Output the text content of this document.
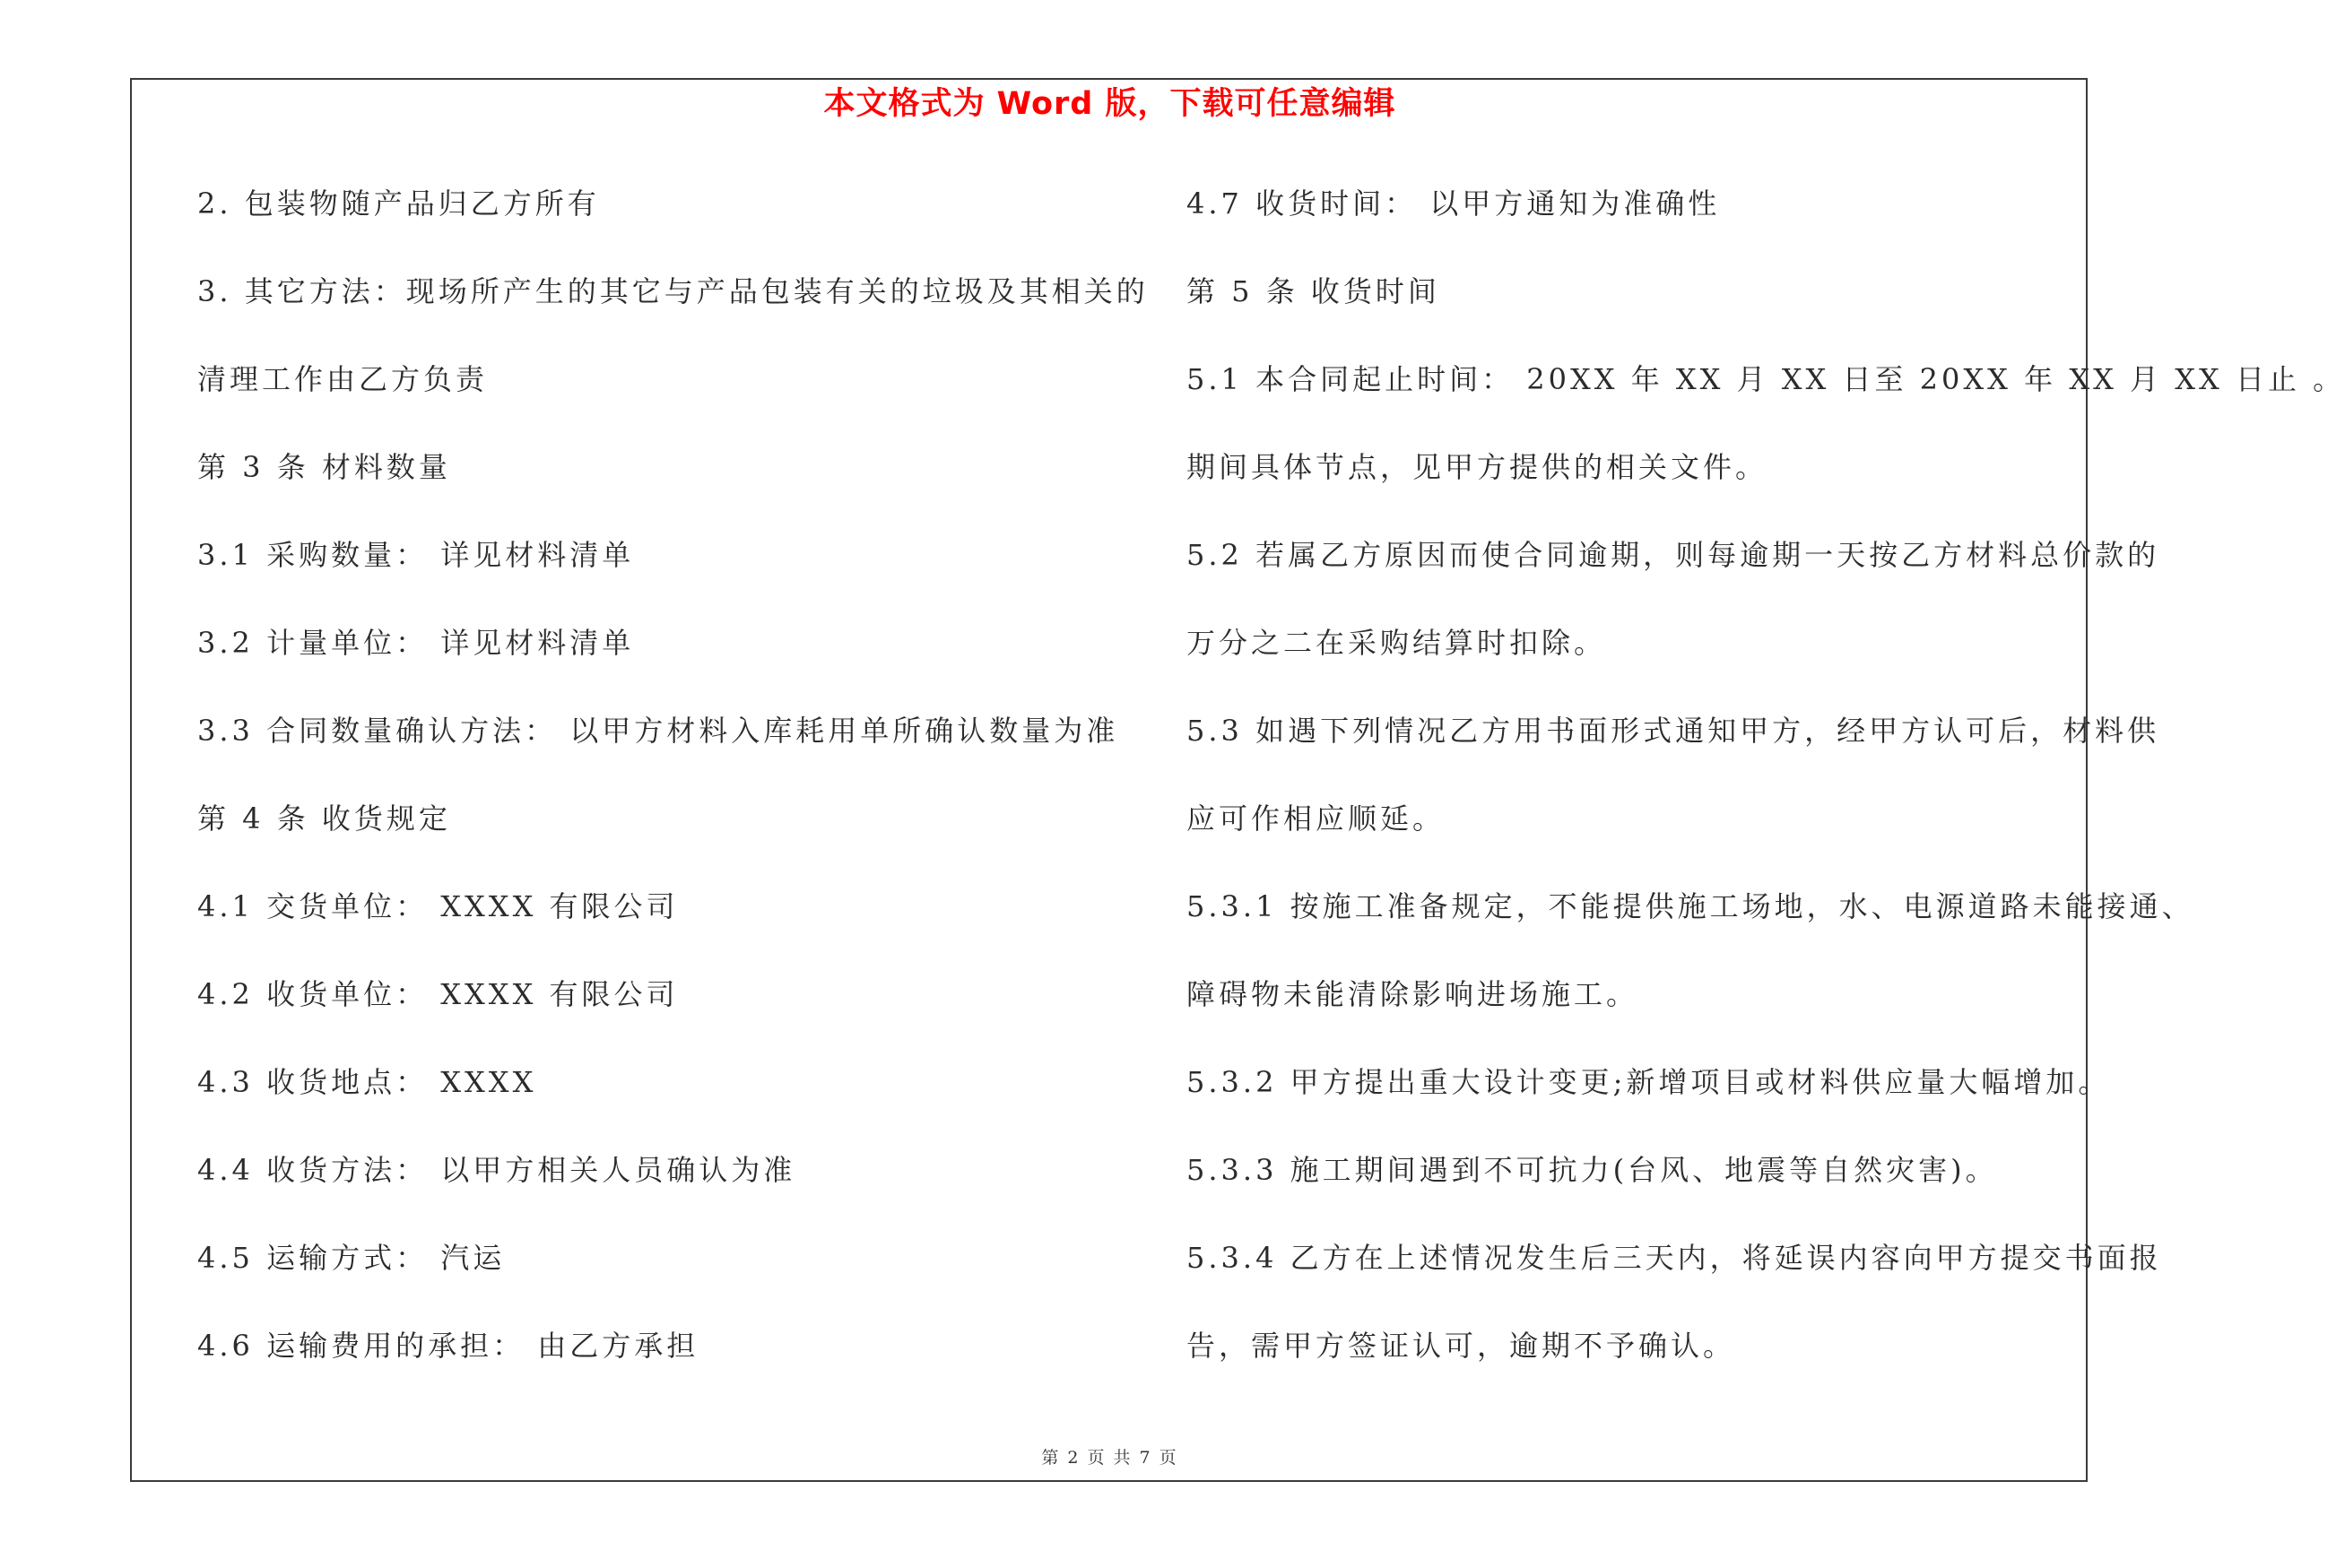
本文格式为 Word 版，下载可任意编辑
2. 包装物随产品归乙方所有
3. 其它方法：现场所产生的其它与产品包装有关的垃圾及其相关的
清理工作由乙方负责
第 3 条 材料数量
3.1 采购数量： 详见材料清单
3.2 计量单位： 详见材料清单
3.3 合同数量确认方法： 以甲方材料入库耗用单所确认数量为准
第 4 条 收货规定
4.1 交货单位： XXXX 有限公司
4.2 收货单位： XXXX 有限公司
4.3 收货地点： XXXX
4.4 收货方法： 以甲方相关人员确认为准
4.5 运输方式： 汽运
4.6 运输费用的承担： 由乙方承担
4.7 收货时间： 以甲方通知为准确性
第 5 条 收货时间
5.1 本合同起止时间： 20XX 年 XX 月 XX 日至 20XX 年 XX 月 XX 日止 。
期间具体节点，见甲方提供的相关文件。
5.2 若属乙方原因而使合同逾期，则每逾期一天按乙方材料总价款的
万分之二在采购结算时扣除。
5.3 如遇下列情况乙方用书面形式通知甲方，经甲方认可后，材料供
应可作相应顺延。
5.3.1 按施工准备规定，不能提供施工场地，水、电源道路未能接通、
障碍物未能清除影响进场施工。
5.3.2 甲方提出重大设计变更;新增项目或材料供应量大幅增加。
5.3.3 施工期间遇到不可抗力(台风、地震等自然灾害)。
5.3.4 乙方在上述情况发生后三天内，将延误内容向甲方提交书面报
告，需甲方签证认可，逾期不予确认。
第 2 页 共 7 页
